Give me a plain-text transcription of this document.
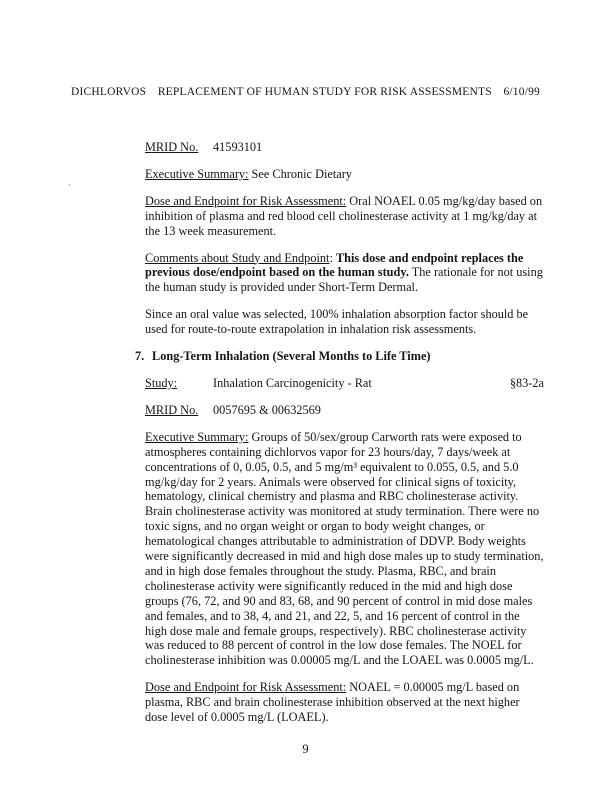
DICHLORVOS REPLACEMENT OF HUMAN STUDY FOR RISK ASSESSMENTS 6/10/99
MRID No.	41593101

Executive Summary: See Chronic Dietary

Dose and Endpoint for Risk Assessment: Oral NOAEL 0.05 mg/kg/day based on inhibition of plasma and red blood cell cholinesterase activity at 1 mg/kg/day at the 13 week measurement.

Comments about Study and Endpoint: This dose and endpoint replaces the previous dose/endpoint based on the human study. The rationale for not using the human study is provided under Short-Term Dermal.

Since an oral value was selected, 100% inhalation absorption factor should be used for route-to-route extrapolation in inhalation risk assessments.

7. Long-Term Inhalation (Several Months to Life Time)
Study:	Inhalation Carcinogenicity - Rat	§83-2a
MRID No.	0057695 & 00632569

Executive Summary: Groups of 50/sex/group Carworth rats were exposed to atmospheres containing dichlorvos vapor for 23 hours/day, 7 days/week at concentrations of 0, 0.05, 0.5, and 5 mg/m³ equivalent to 0.055, 0.5, and 5.0 mg/kg/day for 2 years. Animals were observed for clinical signs of toxicity, hematology, clinical chemistry and plasma and RBC cholinesterase activity. Brain cholinesterase activity was monitored at study termination. There were no toxic signs, and no organ weight or organ to body weight changes, or hematological changes attributable to administration of DDVP. Body weights were significantly decreased in mid and high dose males up to study termination, and in high dose females throughout the study. Plasma, RBC, and brain cholinesterase activity were significantly reduced in the mid and high dose groups (76, 72, and 90 and 83, 68, and 90 percent of control in mid dose males and females, and to 38, 4, and 21, and 22, 5, and 16 percent of control in the high dose male and female groups, respectively). RBC cholinesterase activity was reduced to 88 percent of control in the low dose females. The NOEL for cholinesterase inhibition was 0.00005 mg/L and the LOAEL was 0.0005 mg/L.

Dose and Endpoint for Risk Assessment: NOAEL = 0.00005 mg/L based on plasma, RBC and brain cholinesterase inhibition observed at the next higher dose level of 0.0005 mg/L (LOAEL).

9
